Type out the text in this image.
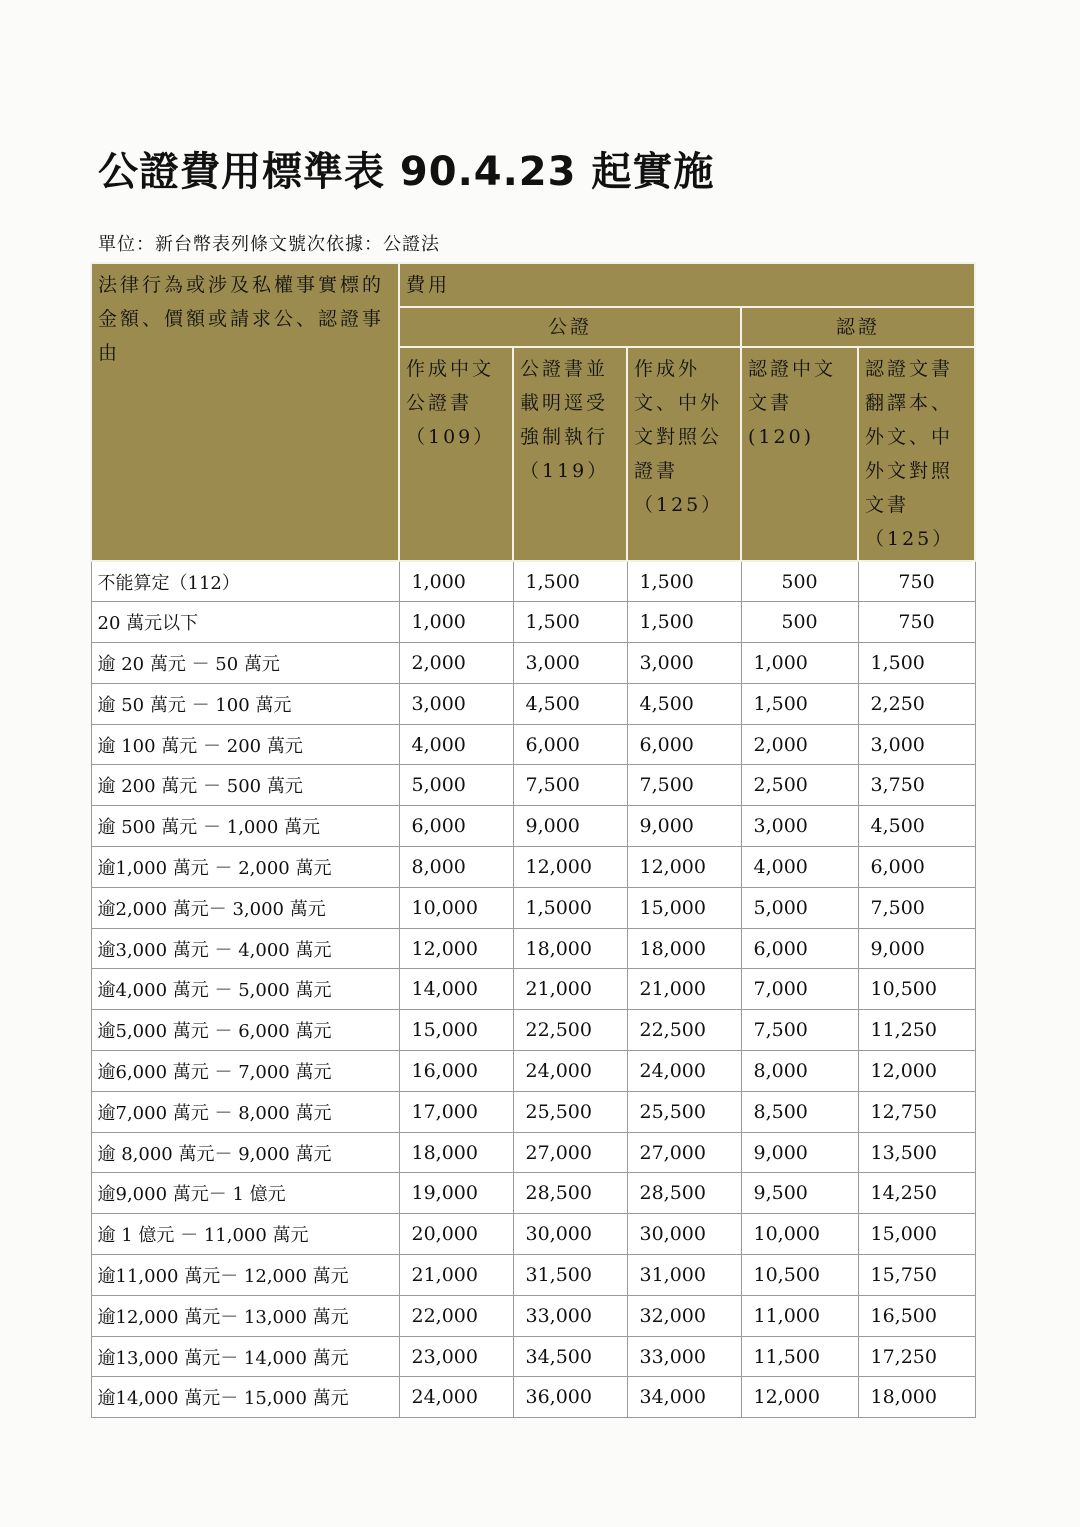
公證費用標準表 90.4.23 起實施
單位：新台幣表列條文號次依據：公證法
法律行為或涉及私權事實標的金額、價額或請求公、認證事由	費用				

	公證			認證	

	作成中文公證書（109）	公證書並載明逕受強制執行（119）	作成外文、中外文對照公證書（125）	認證中文文書(120)	認證文書翻譯本、外文、中外文對照文書（125）

不能算定（112）	1,000	1,500	1,500	500	750
20 萬元以下	1,000	1,500	1,500	500	750
逾 20 萬元 － 50 萬元	2,000	3,000	3,000	1,000	1,500
逾 50 萬元 － 100 萬元	3,000	4,500	4,500	1,500	2,250
逾 100 萬元 － 200 萬元	4,000	6,000	6,000	2,000	3,000
逾 200 萬元 － 500 萬元	5,000	7,500	7,500	2,500	3,750
逾 500 萬元 － 1,000 萬元	6,000	9,000	9,000	3,000	4,500
逾1,000 萬元 － 2,000 萬元	8,000	12,000	12,000	4,000	6,000
逾2,000 萬元－ 3,000 萬元	10,000	1,5000	15,000	5,000	7,500
逾3,000 萬元 － 4,000 萬元	12,000	18,000	18,000	6,000	9,000
逾4,000 萬元 － 5,000 萬元	14,000	21,000	21,000	7,000	10,500
逾5,000 萬元 － 6,000 萬元	15,000	22,500	22,500	7,500	11,250
逾6,000 萬元 － 7,000 萬元	16,000	24,000	24,000	8,000	12,000
逾7,000 萬元 － 8,000 萬元	17,000	25,500	25,500	8,500	12,750
逾 8,000 萬元－ 9,000 萬元	18,000	27,000	27,000	9,000	13,500
逾9,000 萬元－ 1 億元	19,000	28,500	28,500	9,500	14,250
逾 1 億元 － 11,000 萬元	20,000	30,000	30,000	10,000	15,000
逾11,000 萬元－ 12,000 萬元	21,000	31,500	31,000	10,500	15,750
逾12,000 萬元－ 13,000 萬元	22,000	33,000	32,000	11,000	16,500
逾13,000 萬元－ 14,000 萬元	23,000	34,500	33,000	11,500	17,250
逾14,000 萬元－ 15,000 萬元	24,000	36,000	34,000	12,000	18,000
